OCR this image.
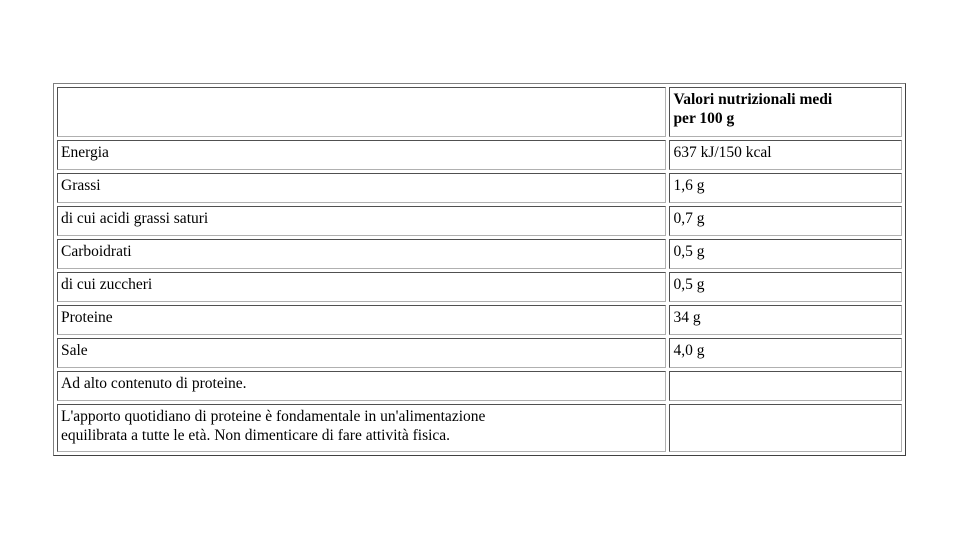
	Valori nutrizionali medi
per 100 g

Energia	637 kJ/150 kcal
Grassi	1,6 g
di cui acidi grassi saturi	0,7 g
Carboidrati	0,5 g
di cui zuccheri	0,5 g
Proteine	34 g
Sale	4,0 g
Ad alto contenuto di proteine.	

L'apporto quotidiano di proteine è fondamentale in un'alimentazione
equilibrata a tutte le età. Non dimenticare di fare attività fisica.	
